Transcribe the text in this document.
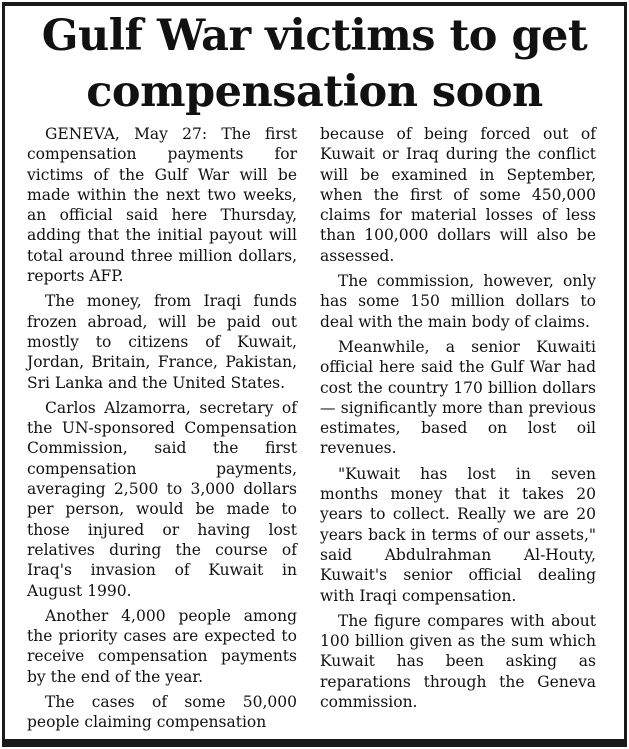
Gulf War victims to get
compensation soon

GENEVA, May 27: The first compensation payments for victims of the Gulf War will be made within the next two weeks, an official said here Thursday, adding that the initial payout will total around three million dollars, reports AFP.

The money, from Iraqi funds frozen abroad, will be paid out mostly to citizens of Kuwait, Jordan, Britain, France, Pakistan, Sri Lanka and the United States.

Carlos Alzamorra, secretary of the UN-sponsored Compensation Commission, said the first compensation payments, averaging 2,500 to 3,000 dollars per person, would be made to those injured or having lost relatives during the course of Iraq's invasion of Kuwait in August 1990.

Another 4,000 people among the priority cases are expected to receive compensation payments by the end of the year.

The cases of some 50,000 people claiming compensation

because of being forced out of Kuwait or Iraq during the conflict will be examined in September, when the first of some 450,000 claims for material losses of less than 100,000 dollars will also be assessed.

The commission, however, only has some 150 million dollars to deal with the main body of claims.

Meanwhile, a senior Kuwaiti official here said the Gulf War had cost the country 170 billion dollars — significantly more than previous estimates, based on lost oil revenues.

"Kuwait has lost in seven months money that it takes 20 years to collect. Really we are 20 years back in terms of our assets," said Abdulrahman Al-Houty, Kuwait's senior official dealing with Iraqi compensation.

The figure compares with about 100 billion given as the sum which Kuwait has been asking as reparations through the Geneva commission.
